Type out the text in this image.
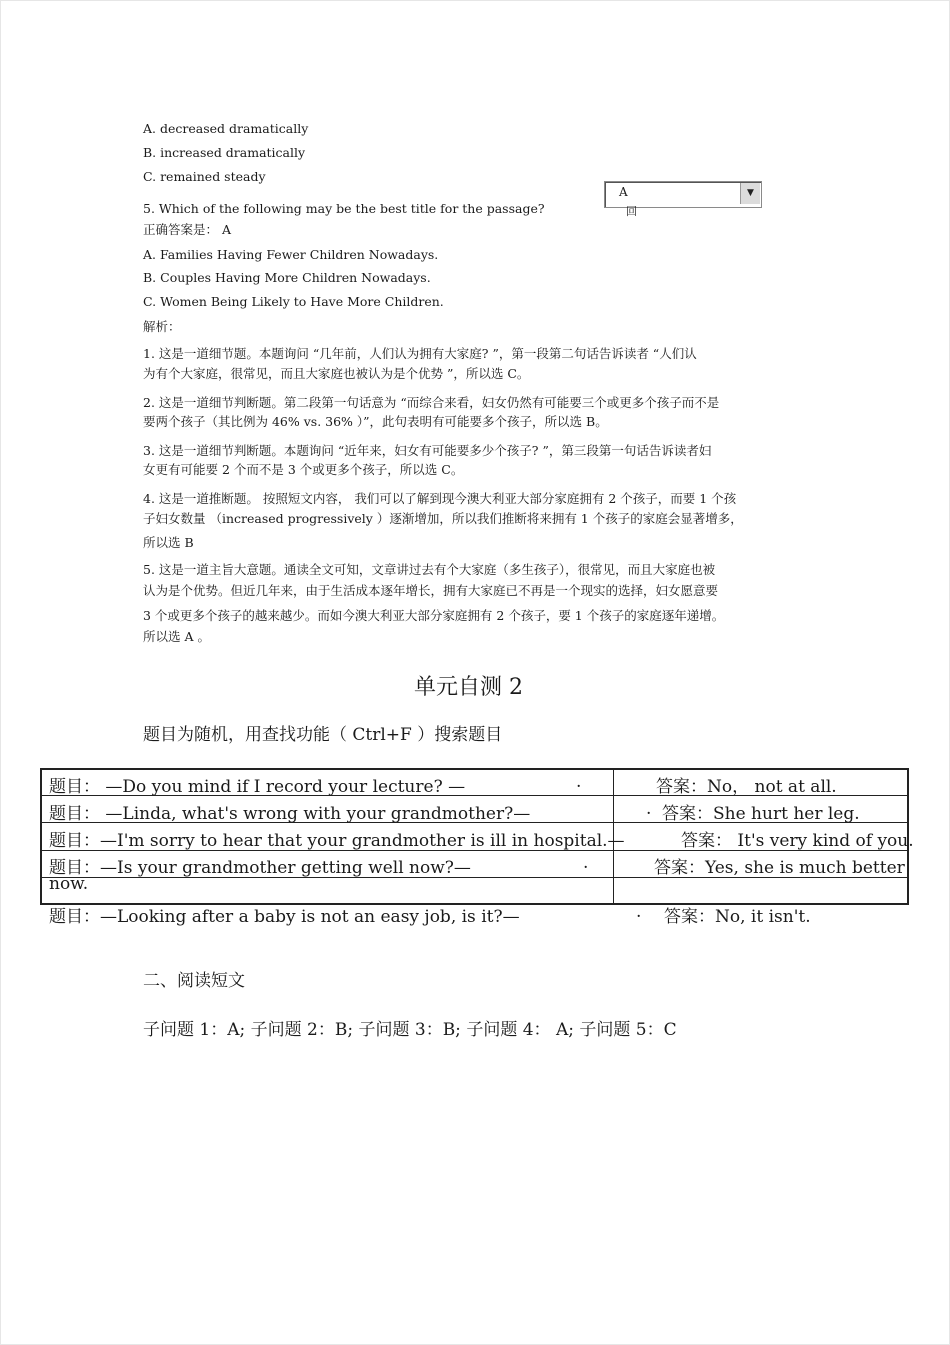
A. decreased dramatically
B. increased dramatically
C. remained steady
5. Which of the following may be the best title for the passage?
A	▼
回
正确答案是： A
A. Families Having Fewer Children Nowadays.
B. Couples Having More Children Nowadays.
C. Women Being Likely to Have More Children.
解析：
1. 这是一道细节题。本题询问 “几年前，人们认为拥有大家庭? ”，第一段第二句话告诉读者 “人们认
为有个大家庭，很常见，而且大家庭也被认为是个优势 ”，所以选 C。
2. 这是一道细节判断题。第二段第一句话意为 “而综合来看，妇女仍然有可能要三个或更多个孩子而不是
要两个孩子（其比例为 46% vs. 36% ）”，此句表明有可能要多个孩子，所以选 B。
3. 这是一道细节判断题。本题询问 “近年来，妇女有可能要多少个孩子? ”，第三段第一句话告诉读者妇
女更有可能要 2 个而不是 3 个或更多个孩子，所以选 C。
4. 这是一道推断题。 按照短文内容， 我们可以了解到现今澳大利亚大部分家庭拥有 2 个孩子，而要 1 个孩
子妇女数量 （increased progressively ）逐渐增加，所以我们推断将来拥有 1 个孩子的家庭会显著增多，
所以选 B
5. 这是一道主旨大意题。通读全文可知，文章讲过去有个大家庭（多生孩子），很常见，而且大家庭也被
认为是个优势。但近几年来，由于生活成本逐年增长，拥有大家庭已不再是一个现实的选择，妇女愿意要
3 个或更多个孩子的越来越少。而如今澳大利亚大部分家庭拥有 2 个孩子，要 1 个孩子的家庭逐年递增。
所以选 A 。
单元自测 2
题目为随机，用查找功能（ Ctrl+F ）搜索题目
题目： —Do you mind if I record your lecture? —	.	答案：No， not at all.
题目： —Linda, what's wrong with your grandmother?—	. 答案：She hurt her leg.
题目：—I'm sorry to hear that your grandmother is ill in hospital.—	答案： It's very kind of you.
题目：—Is your grandmother getting well now?—	.	答案：Yes, she is much better
now.
题目：—Looking after a baby is not an easy job, is it?—	. 答案：No, it isn't.
二、阅读短文
子问题 1：A; 子问题 2：B; 子问题 3：B; 子问题 4： A; 子问题 5：C
